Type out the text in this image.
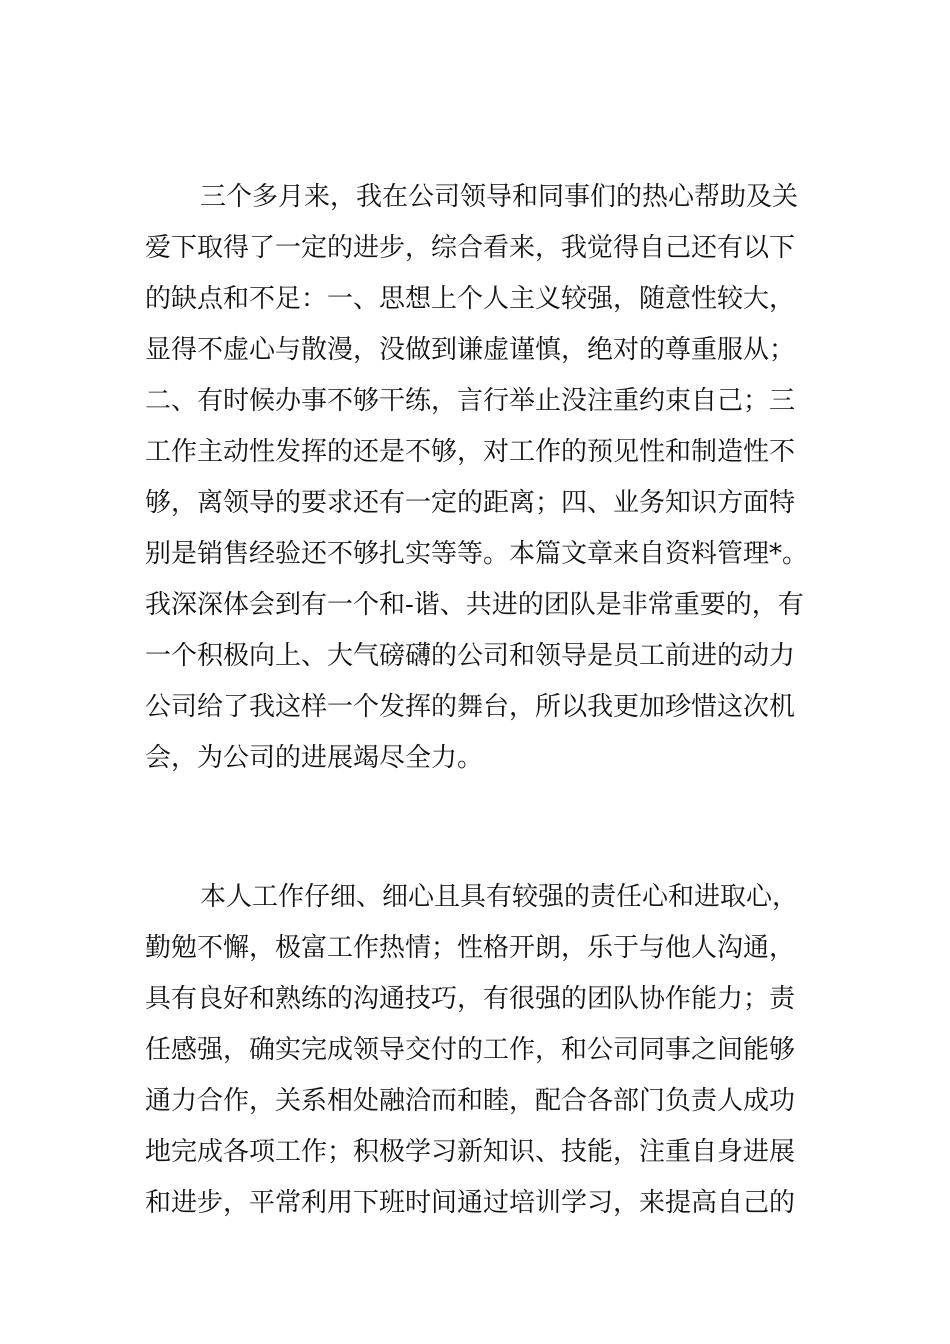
三个多月来，我在公司领导和同事们的热心帮助及关
爱下取得了一定的进步，综合看来，我觉得自己还有以下
的缺点和不足：一、思想上个人主义较强，随意性较大，
显得不虚心与散漫，没做到谦虚谨慎，绝对的尊重服从；
二、有时候办事不够干练，言行举止没注重约束自己；三
工作主动性发挥的还是不够，对工作的预见性和制造性不
够，离领导的要求还有一定的距离；四、业务知识方面特
别是销售经验还不够扎实等等。本篇文章来自资料管理*。
我深深体会到有一个和-谐、共进的团队是非常重要的，有
一个积极向上、大气磅礴的公司和领导是员工前进的动力
公司给了我这样一个发挥的舞台，所以我更加珍惜这次机
会，为公司的进展竭尽全力。
本人工作仔细、细心且具有较强的责任心和进取心，
勤勉不懈，极富工作热情；性格开朗，乐于与他人沟通，
具有良好和熟练的沟通技巧，有很强的团队协作能力；责
任感强，确实完成领导交付的工作，和公司同事之间能够
通力合作，关系相处融洽而和睦，配合各部门负责人成功
地完成各项工作；积极学习新知识、技能，注重自身进展
和进步，平常利用下班时间通过培训学习，来提高自己的
